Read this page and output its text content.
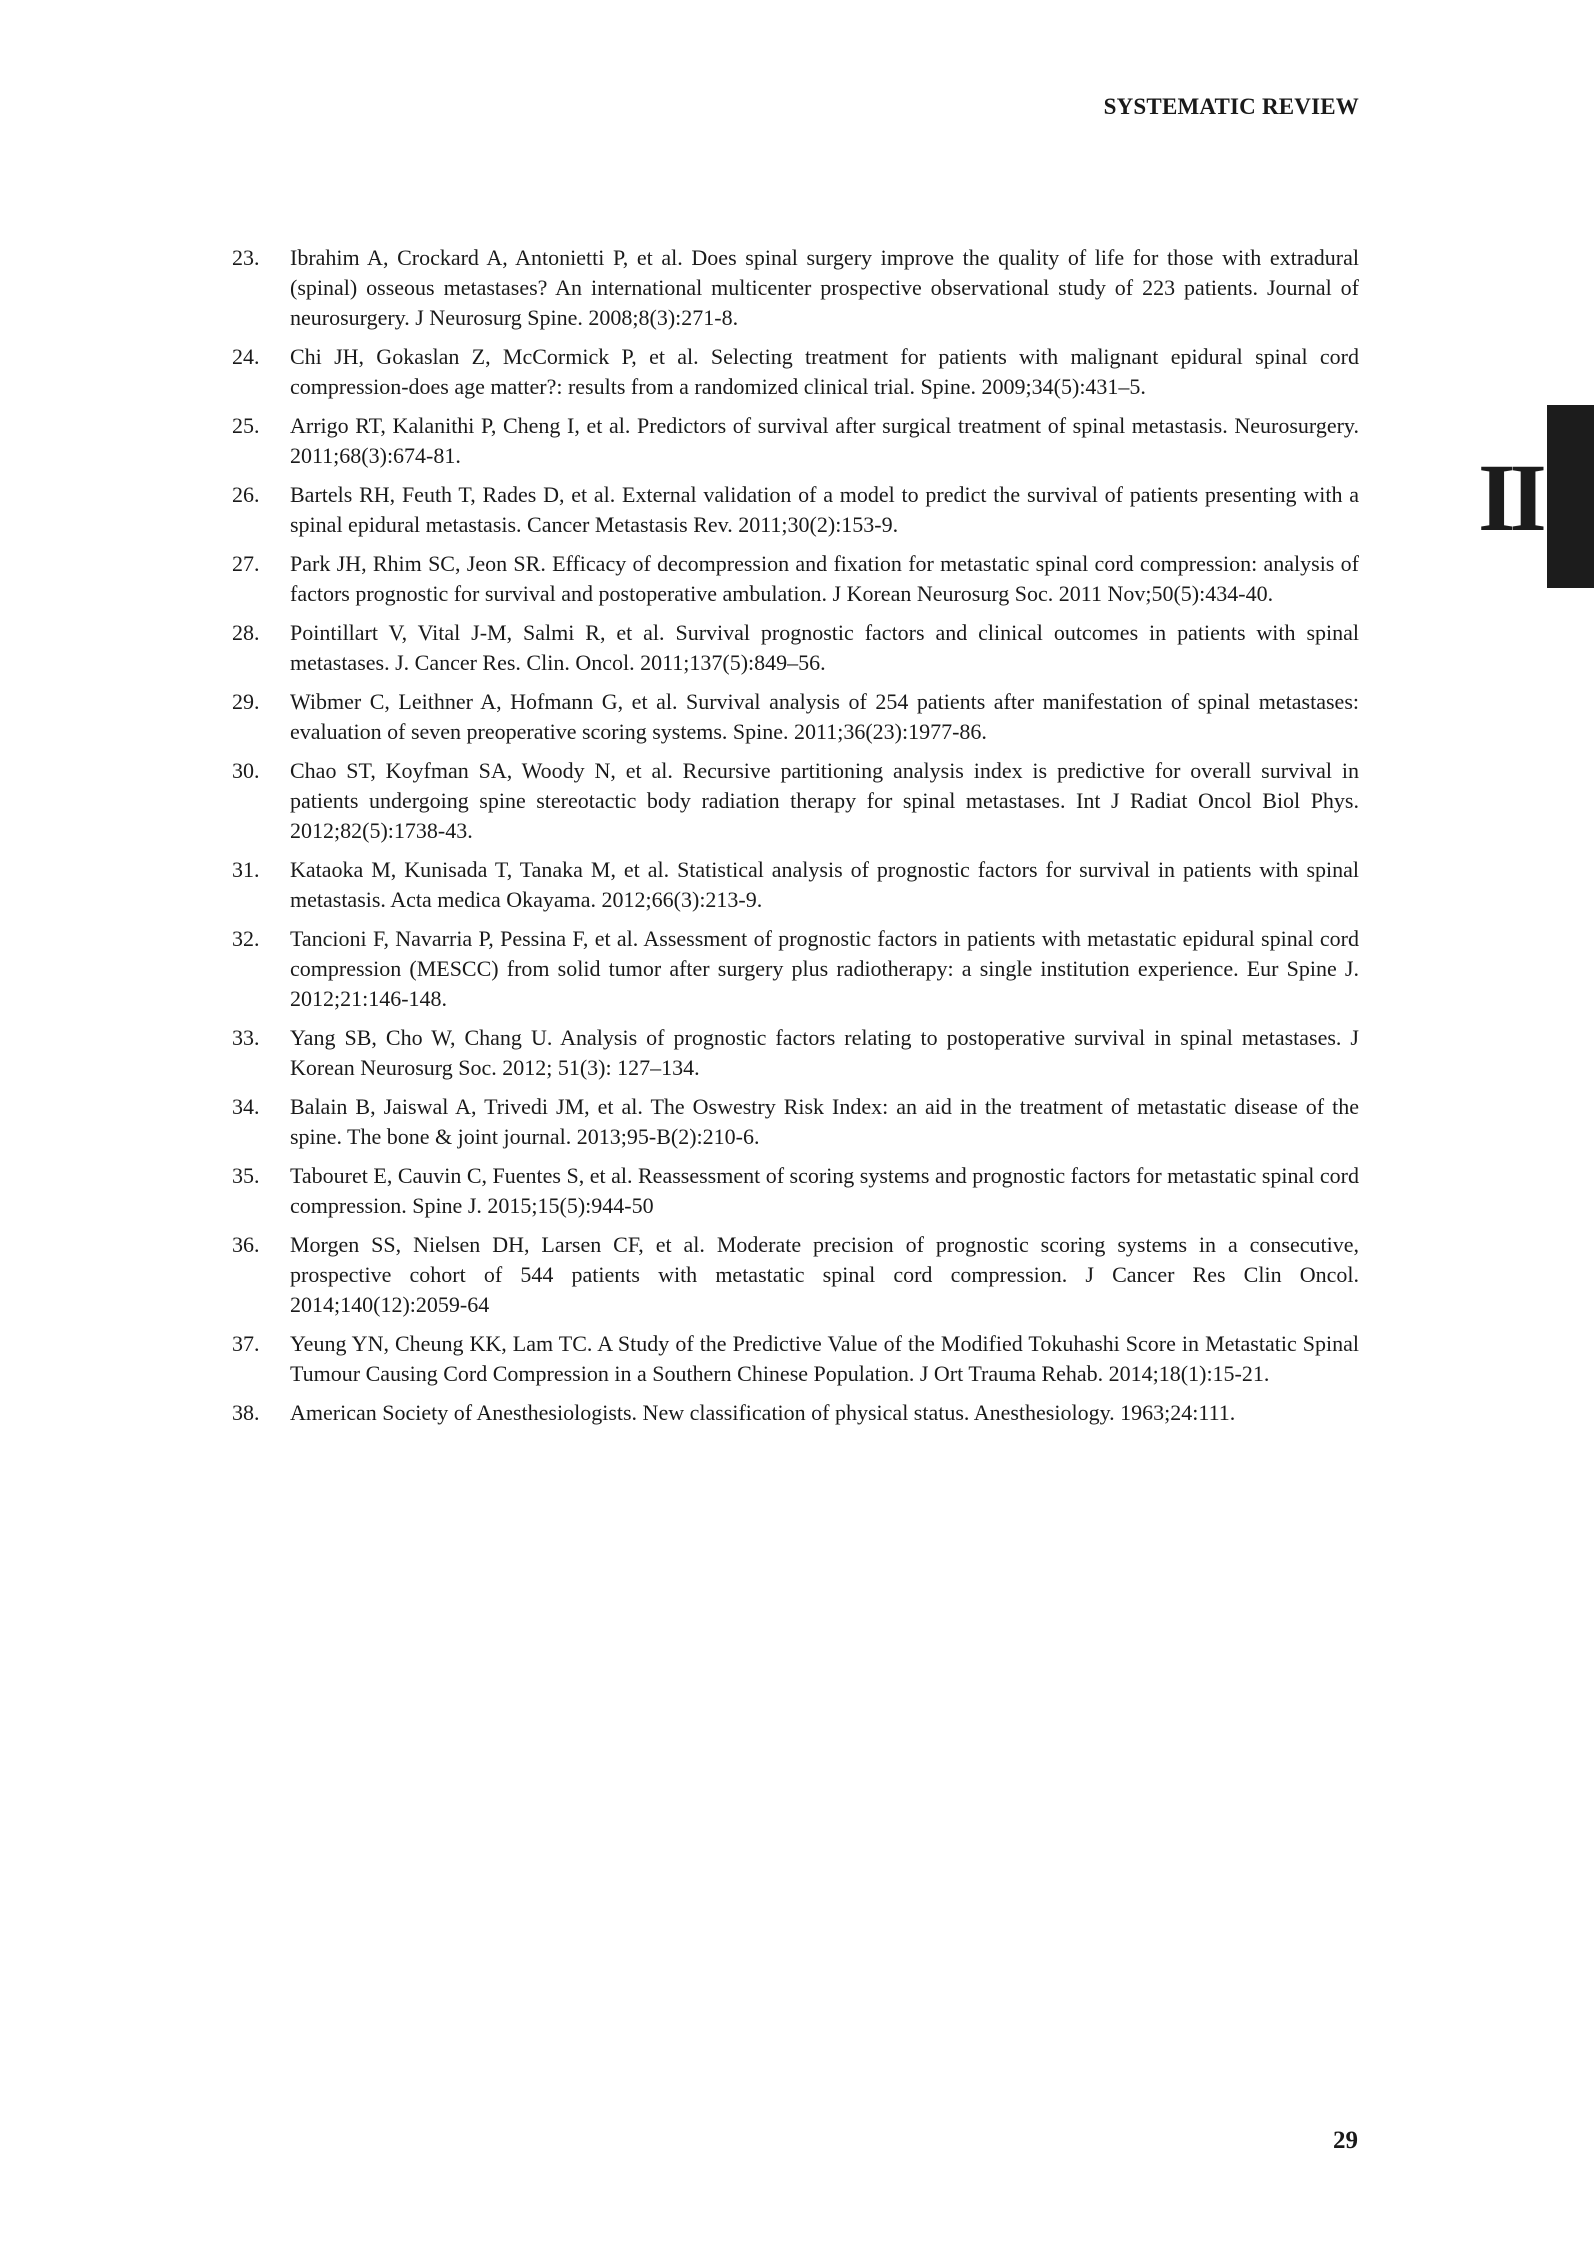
SYSTEMATIC REVIEW
II
23.	Ibrahim A, Crockard A, Antonietti P, et al. Does spinal surgery improve the quality of life for those with extradural (spinal) osseous metastases? An international multicenter prospective observational study of 223 patients. Journal of neurosurgery. J Neurosurg Spine. 2008;8(3):271-8.
24.	Chi JH, Gokaslan Z, McCormick P, et al. Selecting treatment for patients with malignant epidural spinal cord compression-does age matter?: results from a randomized clinical trial. Spine. 2009;34(5):431–5.
25.	Arrigo RT, Kalanithi P, Cheng I, et al. Predictors of survival after surgical treatment of spinal metastasis. Neurosurgery. 2011;68(3):674-81.
26.	Bartels RH, Feuth T, Rades D, et al. External validation of a model to predict the survival of patients presenting with a spinal epidural metastasis. Cancer Metastasis Rev. 2011;30(2):153-9.
27.	Park JH, Rhim SC, Jeon SR. Efficacy of decompression and fixation for metastatic spinal cord compression: analysis of factors prognostic for survival and postoperative ambulation. J Korean Neurosurg Soc. 2011 Nov;50(5):434-40.
28.	Pointillart V, Vital J-M, Salmi R, et al. Survival prognostic factors and clinical outcomes in patients with spinal metastases. J. Cancer Res. Clin. Oncol. 2011;137(5):849–56.
29.	Wibmer C, Leithner A, Hofmann G, et al. Survival analysis of 254 patients after manifestation of spinal metastases: evaluation of seven preoperative scoring systems. Spine. 2011;36(23):1977-86.
30.	Chao ST, Koyfman SA, Woody N, et al. Recursive partitioning analysis index is predictive for overall survival in patients undergoing spine stereotactic body radiation therapy for spinal metastases. Int J Radiat Oncol Biol Phys. 2012;82(5):1738-43.
31.	Kataoka M, Kunisada T, Tanaka M, et al. Statistical analysis of prognostic factors for survival in patients with spinal metastasis. Acta medica Okayama. 2012;66(3):213-9.
32.	Tancioni F, Navarria P, Pessina F, et al. Assessment of prognostic factors in patients with metastatic epidural spinal cord compression (MESCC) from solid tumor after surgery plus radiotherapy: a single institution experience. Eur Spine J. 2012;21:146-148.
33.	Yang SB, Cho W, Chang U. Analysis of prognostic factors relating to postoperative survival in spinal metastases. J Korean Neurosurg Soc. 2012; 51(3): 127–134.
34.	Balain B, Jaiswal A, Trivedi JM, et al. The Oswestry Risk Index: an aid in the treatment of metastatic disease of the spine. The bone & joint journal. 2013;95-B(2):210-6.
35.	Tabouret E, Cauvin C, Fuentes S, et al. Reassessment of scoring systems and prognostic factors for metastatic spinal cord compression. Spine J. 2015;15(5):944-50
36.	Morgen SS, Nielsen DH, Larsen CF, et al. Moderate precision of prognostic scoring systems in a consecutive, prospective cohort of 544 patients with metastatic spinal cord compression. J Cancer Res Clin Oncol. 2014;140(12):2059-64
37.	Yeung YN, Cheung KK, Lam TC. A Study of the Predictive Value of the Modified Tokuhashi Score in Metastatic Spinal Tumour Causing Cord Compression in a Southern Chinese Population. J Ort Trauma Rehab. 2014;18(1):15-21.
38.	American Society of Anesthesiologists. New classification of physical status. Anesthesiology. 1963;24:111.
29
